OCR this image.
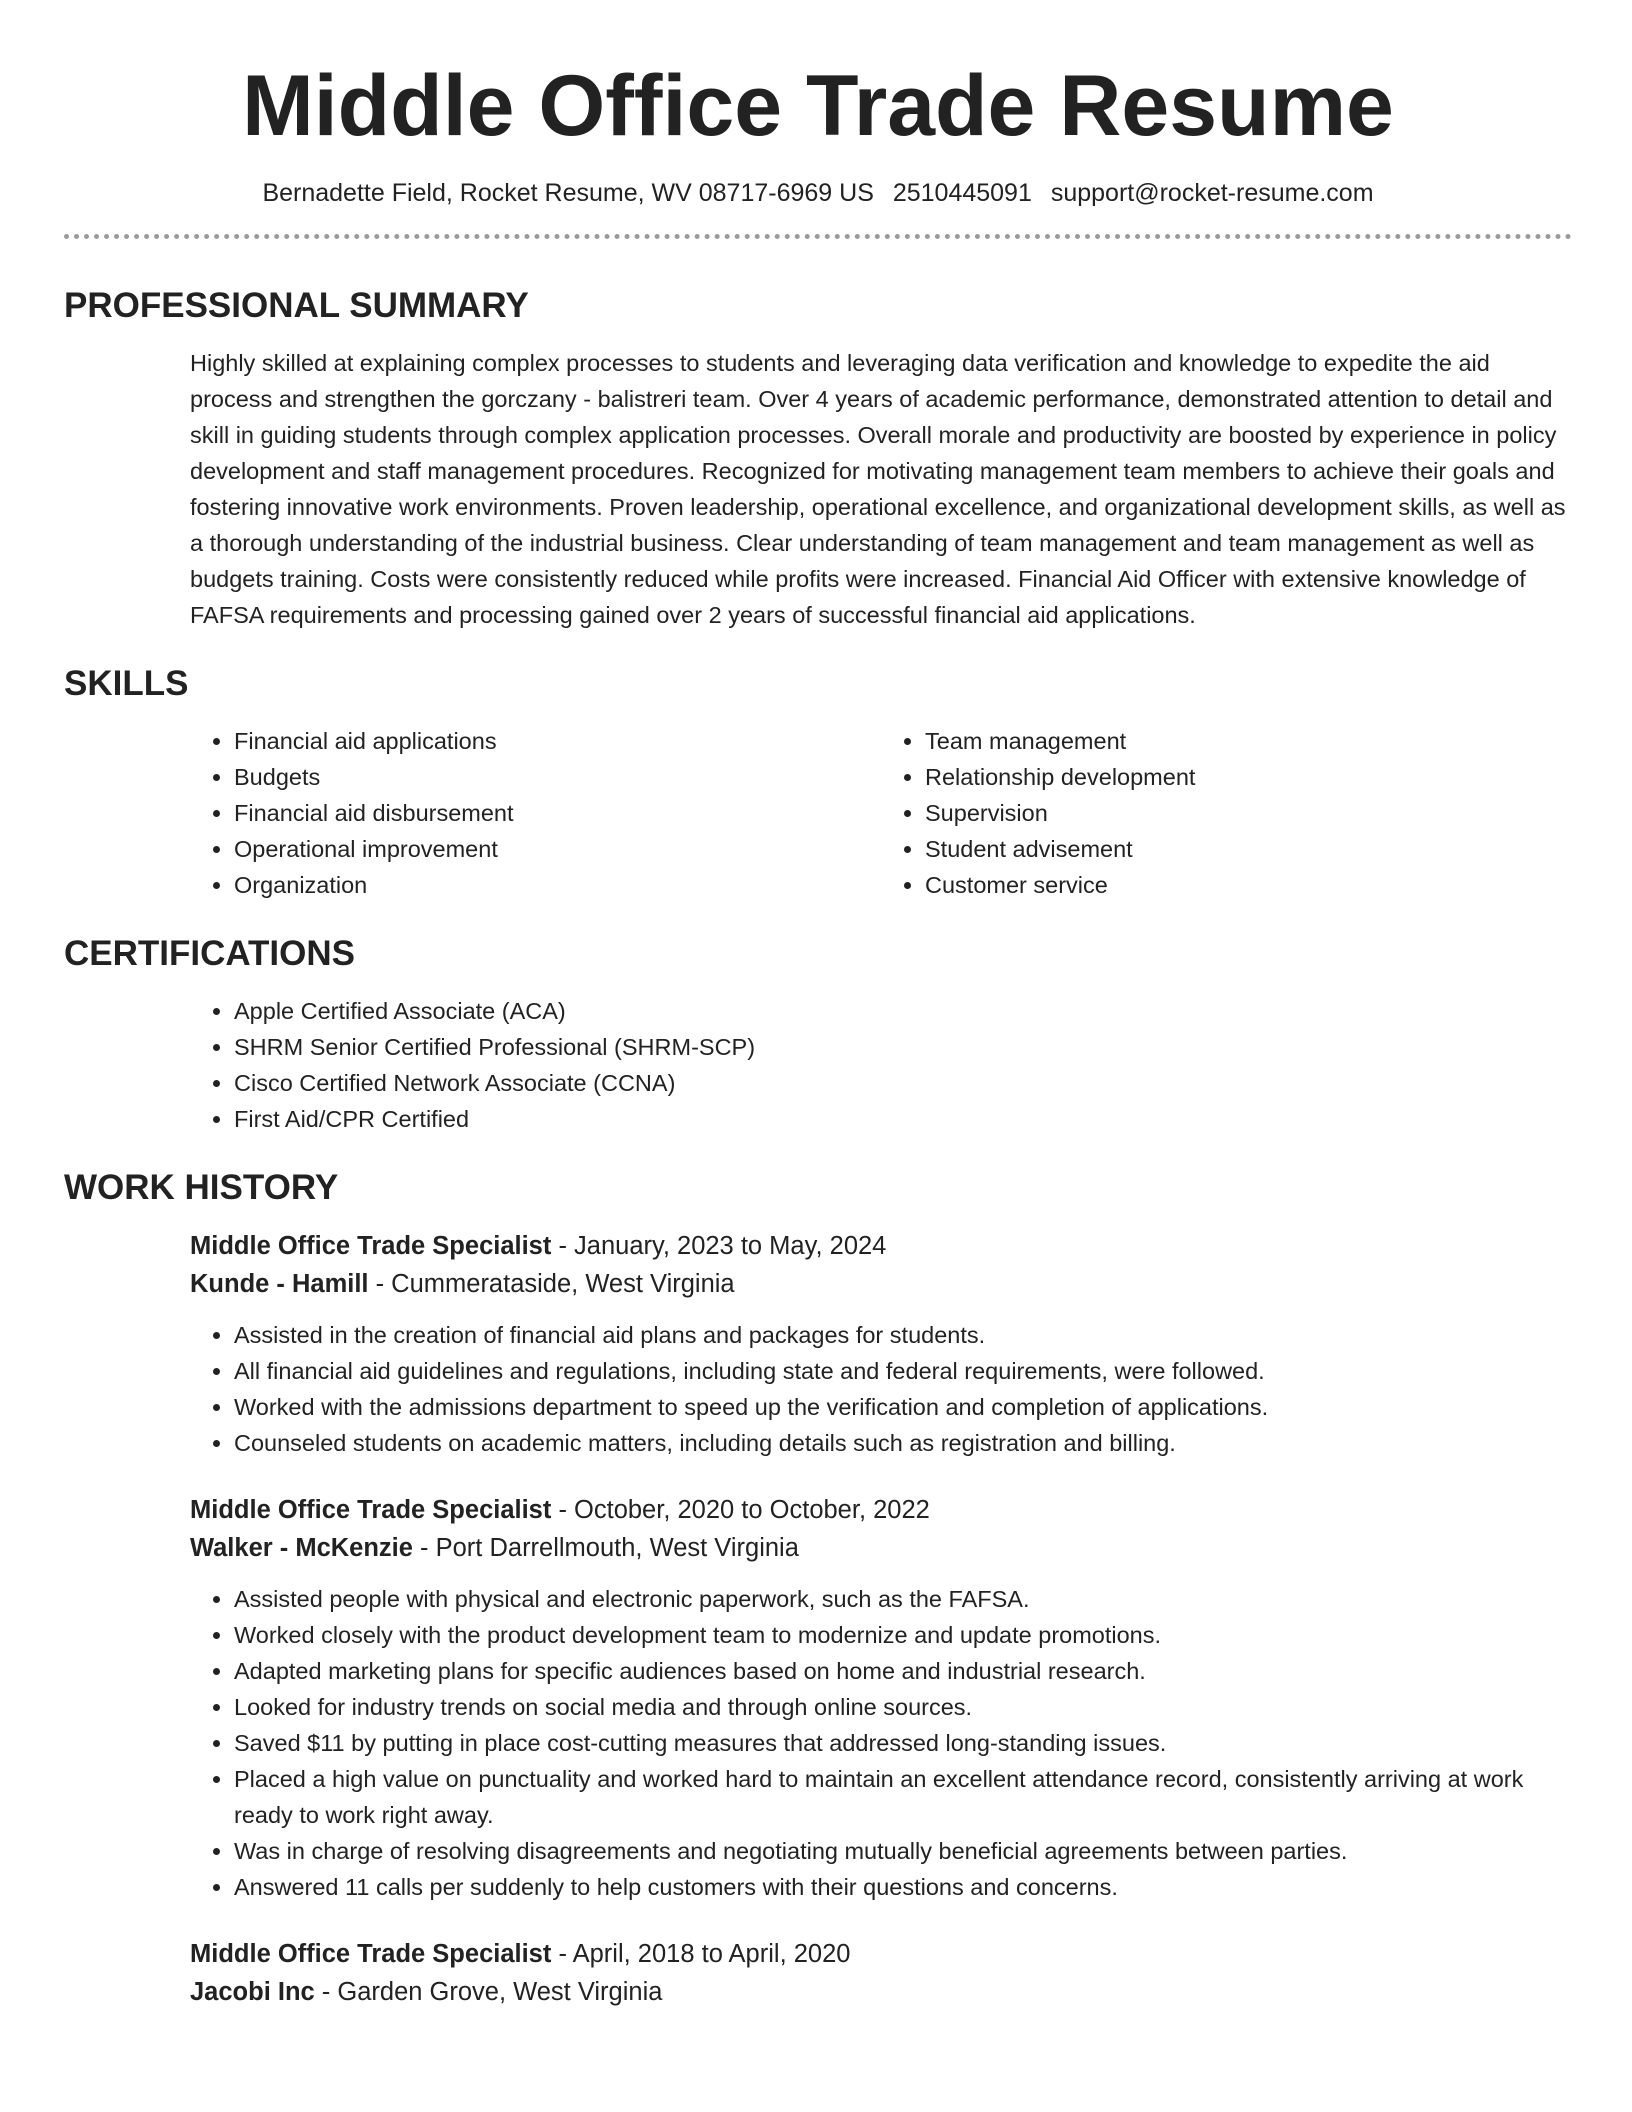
Middle Office Trade Resume
Bernadette Field, Rocket Resume, WV 08717-6969 US 2510445091 support@rocket-resume.com
PROFESSIONAL SUMMARY
Highly skilled at explaining complex processes to students and leveraging data verification and knowledge to expedite the aid process and strengthen the gorczany - balistreri team. Over 4 years of academic performance, demonstrated attention to detail and skill in guiding students through complex application processes. Overall morale and productivity are boosted by experience in policy development and staff management procedures. Recognized for motivating management team members to achieve their goals and fostering innovative work environments. Proven leadership, operational excellence, and organizational development skills, as well as a thorough understanding of the industrial business. Clear understanding of team management and team management as well as budgets training. Costs were consistently reduced while profits were increased. Financial Aid Officer with extensive knowledge of FAFSA requirements and processing gained over 2 years of successful financial aid applications.
SKILLS
• Financial aid applications
• Budgets
• Financial aid disbursement
• Operational improvement
• Organization
• Team management
• Relationship development
• Supervision
• Student advisement
• Customer service
CERTIFICATIONS
• Apple Certified Associate (ACA)
• SHRM Senior Certified Professional (SHRM-SCP)
• Cisco Certified Network Associate (CCNA)
• First Aid/CPR Certified
WORK HISTORY
Middle Office Trade Specialist - January, 2023 to May, 2024
Kunde - Hamill - Cummerataside, West Virginia
• Assisted in the creation of financial aid plans and packages for students.
• All financial aid guidelines and regulations, including state and federal requirements, were followed.
• Worked with the admissions department to speed up the verification and completion of applications.
• Counseled students on academic matters, including details such as registration and billing.
Middle Office Trade Specialist - October, 2020 to October, 2022
Walker - McKenzie - Port Darrellmouth, West Virginia
• Assisted people with physical and electronic paperwork, such as the FAFSA.
• Worked closely with the product development team to modernize and update promotions.
• Adapted marketing plans for specific audiences based on home and industrial research.
• Looked for industry trends on social media and through online sources.
• Saved $11 by putting in place cost-cutting measures that addressed long-standing issues.
• Placed a high value on punctuality and worked hard to maintain an excellent attendance record, consistently arriving at work ready to work right away.
• Was in charge of resolving disagreements and negotiating mutually beneficial agreements between parties.
• Answered 11 calls per suddenly to help customers with their questions and concerns.
Middle Office Trade Specialist - April, 2018 to April, 2020
Jacobi Inc - Garden Grove, West Virginia
